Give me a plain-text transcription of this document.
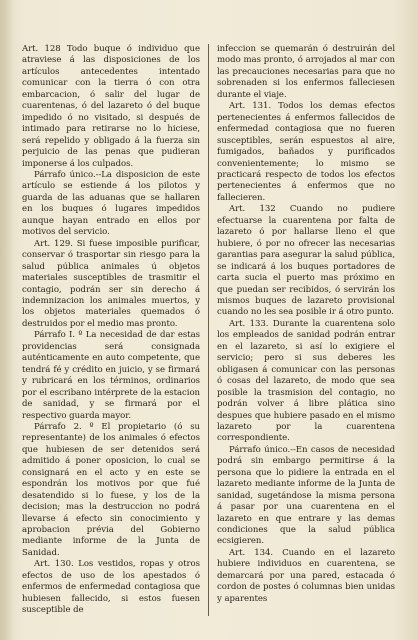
Art. 128 Todo buque ó individuo que atraviese á las disposiciones de los artículos antecedentes intentado comunicar con la tierra ó con otra embarcacion, ó salir del lugar de cuarentenas, ó del lazareto ó del buque impedido ó no visitado, si después de intimado para retirarse no lo hiciese, será repelido y obligado á la fuerza sin perjuicio de las penas que pudieran imponerse á los culpados.

Párrafo único.--La disposicion de este artículo se estiende á los pilotos y guarda de las aduanas que se hallaren en los buques ó lugares impedidos aunque hayan entrado en ellos por motivos del servicio.

Art. 129. Si fuese imposible purificar, conservar ó trasportar sin riesgo para la salud pública animales ú objetos materiales susceptibles de trasmitir el contagio, podrán ser sin derecho á indemnizacion los animales muertos, y los objetos materiales quemados ó destruidos por el medio mas pronto.

Párrafo I. º La necesidad de dar estas providencias será consignada auténticamente en auto competente, que tendrá fé y crédito en juicio, y se firmará y rubricará en los términos, ordinarios por el escribano intérprete de la estacion de sanidad, y se firmará por el respectivo guarda mayor.

Párrafo 2. º El propietario (ó su representante) de los animales ó efectos que hubiesen de ser detenidos será admitido á poner oposicion, lo cual se consignará en el acto y en este se espondrán los motivos por que fué desatendido si lo fuese, y los de la decision; mas la destruccion no podrá llevarse á efecto sin conocimiento y aprobacion prévia del Gobierno mediante informe de la Junta de Sanidad.

Art. 130. Los vestidos, ropas y otros efectos de uso de los apestados ó enfermos de enfermedad contagiosa que hubiesen fallecido, si estos fuesen susceptible de

infeccion se quemarán ó destruirán del modo mas pronto, ó arrojados al mar con las precauciones necesarias para que no sobrenaden si los enfermos falleciesen durante el viaje.

Art. 131. Todos los demas efectos pertenecientes á enfermos fallecidos de enfermedad contagiosa que no fueren susceptibles, serán espuestos al aire, fumigados, bañados y purificados convenientemente; lo mismo se practicará respecto de todos los efectos pertenecientes á enfermos que no fallecieren.

Art. 132 Cuando no pudiere efectuarse la cuarentena por falta de lazareto ó por hallarse lleno el que hubiere, ó por no ofrecer las necesarias garantias para asegurar la salud pública, se indicará á los buques portadores de carta sucia el puerto mas próximo en que puedan ser recibidos, ó servirán los mismos buques de lazareto provisional cuando no les sea posible ir á otro punto.

Art. 133. Durante la cuarentena solo los empleados de sanidad podrán entrar en el lazareto, si así lo exigiere el servicio; pero si sus deberes les obligasen á comunicar con las personas ó cosas del lazareto, de modo que sea posible la trasmision del contagio, no podrán volver á libre plática sino despues que hubiere pasado en el mismo lazareto por la cuarentena correspondiente.

Párrafo único.--En casos de necesidad podrá sin embargo permitirse á la persona que lo pidiere la entrada en el lazareto mediante informe de la Junta de sanidad, sugetándose la misma persona á pasar por una cuarentena en el lazareto en que entrare y las demas condiciones que la salud pública ecsigieren.

Art. 134. Cuando en el lazareto hubiere individuos en cuarentena, se demarcará por una pared, estacada ó cordon de postes ó columnas bien unidas y aparentes
